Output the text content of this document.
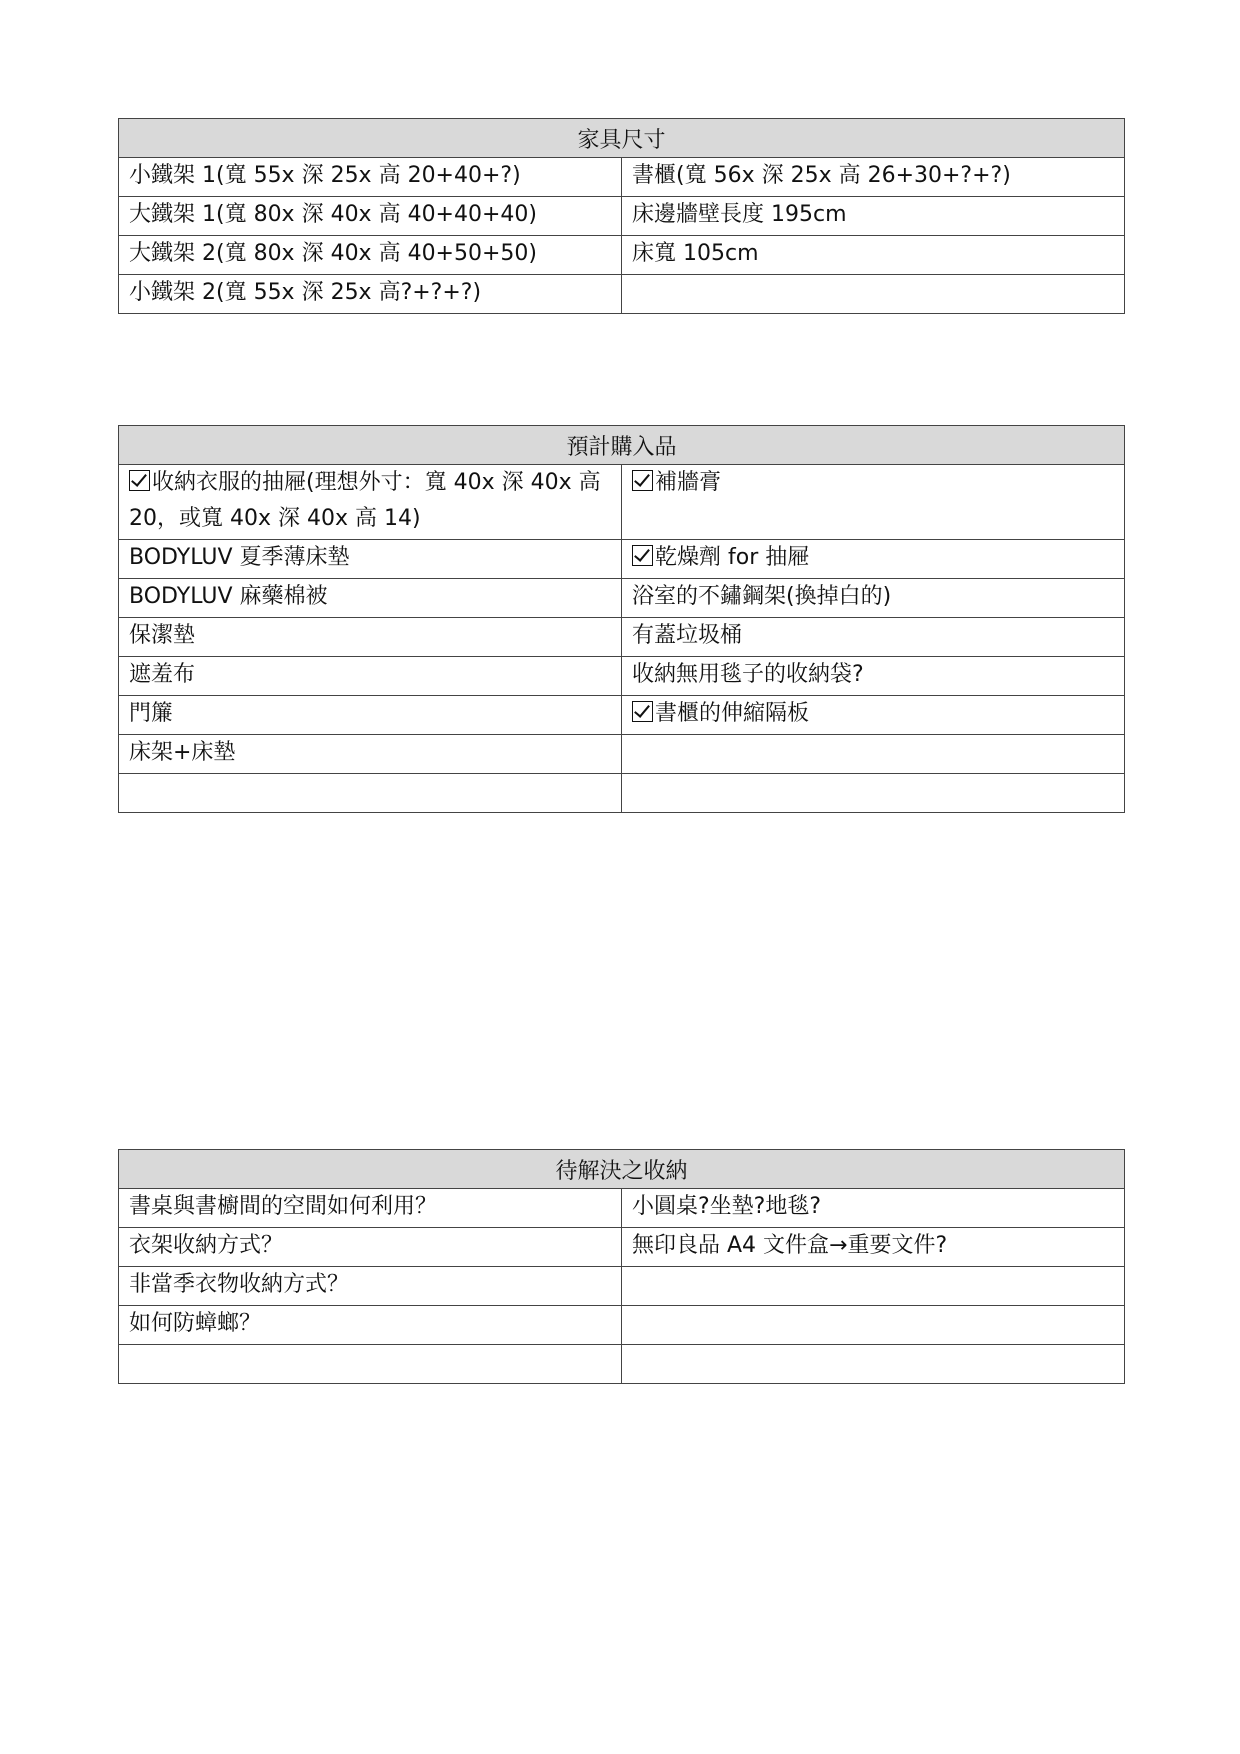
家具尺寸	
小鐵架 1(寬 55x 深 25x 高 20+40+?)	書櫃(寬 56x 深 25x 高 26+30+?+?)
大鐵架 1(寬 80x 深 40x 高 40+40+40)	床邊牆壁長度 195cm
大鐵架 2(寬 80x 深 40x 高 40+50+50)	床寬 105cm
小鐵架 2(寬 55x 深 25x 高?+?+?)	
預計購入品	
收納衣服的抽屜(理想外寸：寬 40x 深 40x 高 20，或寬 40x 深 40x 高 14)	補牆膏
BODYLUV 夏季薄床墊	乾燥劑 for 抽屜
BODYLUV 麻藥棉被	浴室的不鏽鋼架(換掉白的)
保潔墊	有蓋垃圾桶
遮羞布	收納無用毯子的收納袋?
門簾	書櫃的伸縮隔板
床架+床墊	

待解決之收納	
書桌與書櫥間的空間如何利用？	小圓桌?坐墊?地毯?
衣架收納方式？	無印良品 A4 文件盒→重要文件?
非當季衣物收納方式？	
如何防蟑螂？	
